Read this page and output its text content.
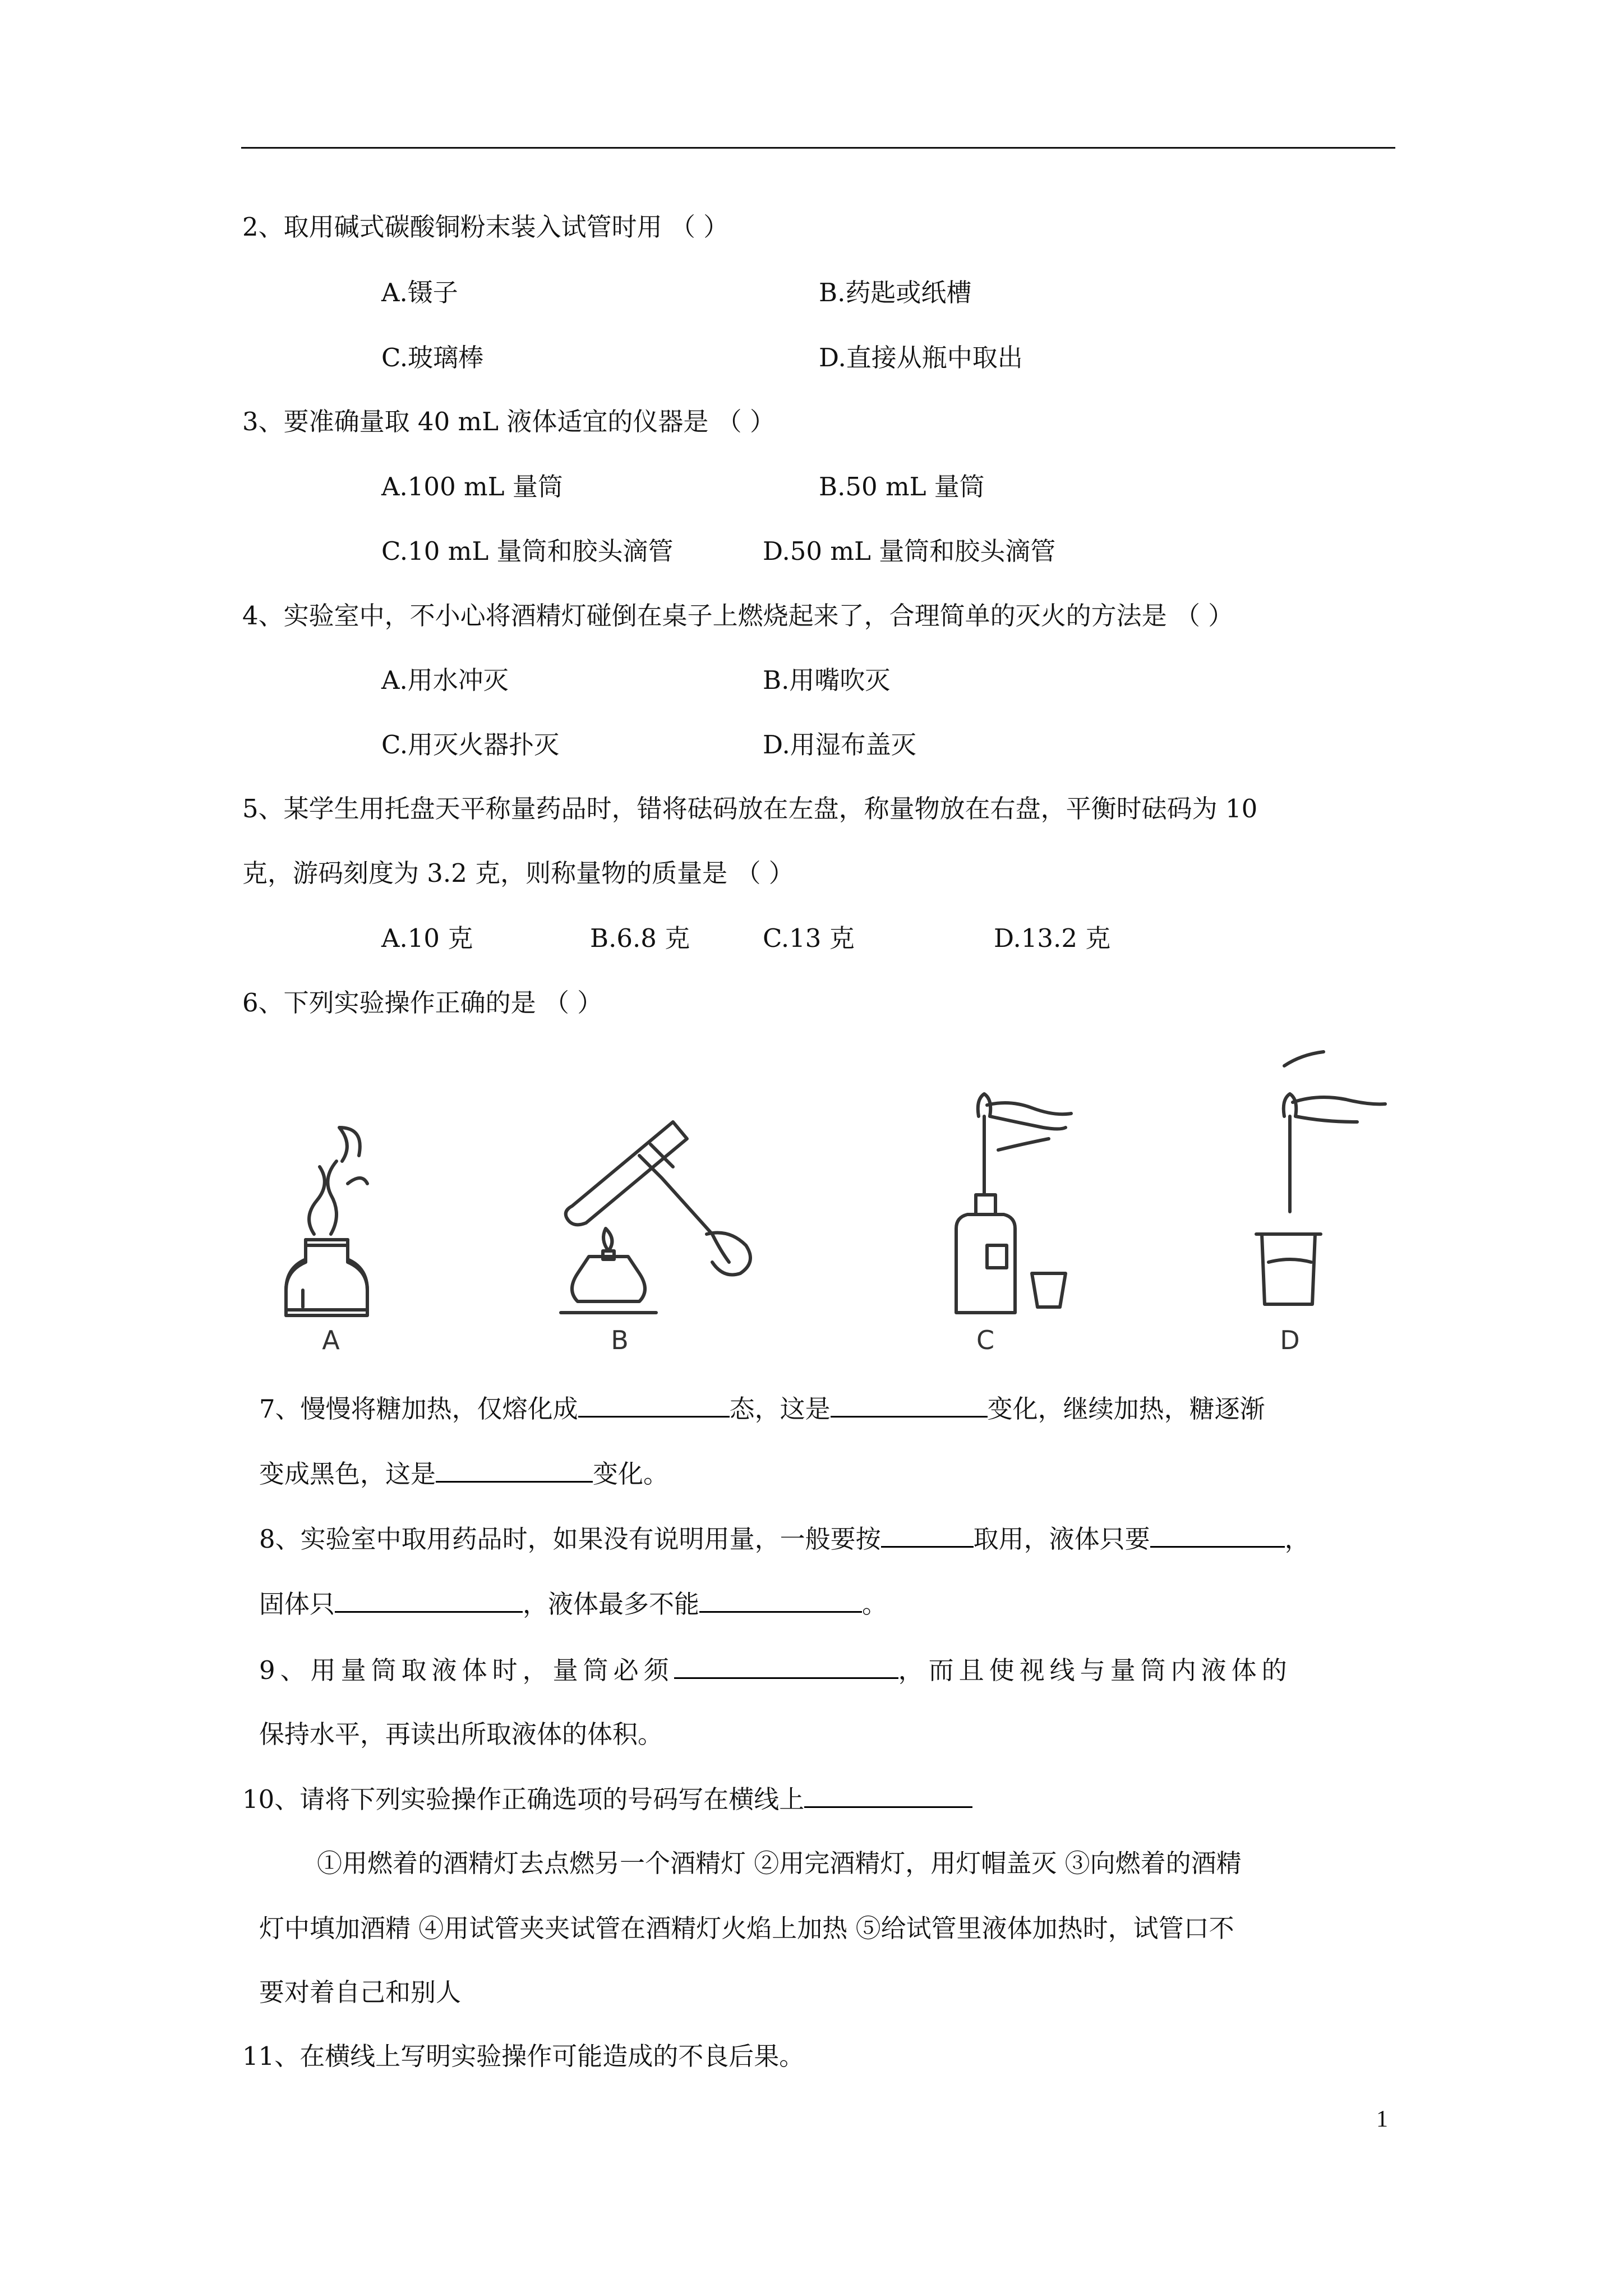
2、取用碱式碳酸铜粉末装入试管时用 （ ）

A.镊子	B.药匙或纸槽

C.玻璃棒	D.直接从瓶中取出

3、要准确量取 40 mL 液体适宜的仪器是 （ ）

A.100 mL 量筒	B.50 mL 量筒

C.10 mL 量筒和胶头滴管	D.50 mL 量筒和胶头滴管

4、实验室中，不小心将酒精灯碰倒在桌子上燃烧起来了，合理简单的灭火的方法是 （ ）

A.用水冲灭	B.用嘴吹灭

C.用灭火器扑灭	D.用湿布盖灭

5、某学生用托盘天平称量药品时，错将砝码放在左盘，称量物放在右盘，平衡时砝码为 10

克，游码刻度为 3.2 克，则称量物的质量是 （ ）

A.10 克	B.6.8 克	C.13 克	D.13.2 克

6、下列实验操作正确的是 （ ）

A	B	C	D

7、慢慢将糖加热，仅熔化成	态，这是	变化，继续加热，糖逐渐

变成黑色，这是	变化。

8、实验室中取用药品时，如果没有说明用量，一般要按	取用，液体只要	，

固体只	，液体最多不能	。

9、用量筒取液体时，量筒必须	，而且使视线与量筒内液体的

保持水平，再读出所取液体的体积。

10、请将下列实验操作正确选项的号码写在横线上

①用燃着的酒精灯去点燃另一个酒精灯 ②用完酒精灯，用灯帽盖灭 ③向燃着的酒精

灯中填加酒精 ④用试管夹夹试管在酒精灯火焰上加热 ⑤给试管里液体加热时，试管口不

要对着自己和别人

11、在横线上写明实验操作可能造成的不良后果。

1
